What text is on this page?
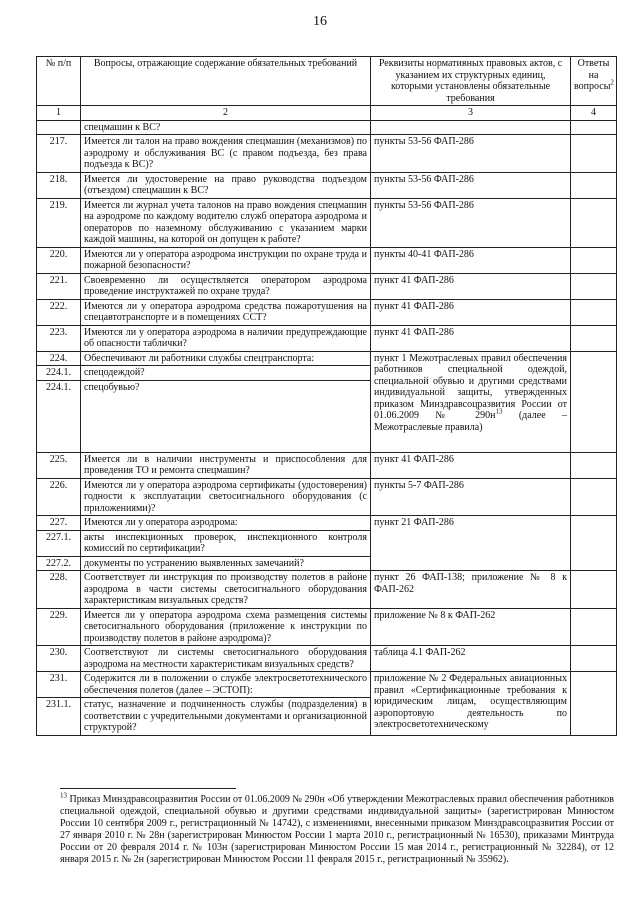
16
№ п/п	Вопросы, отражающие содержание обязательных требований	Реквизиты нормативных правовых актов, с указанием их структурных единиц, которыми установлены обязательные требования	Ответы на вопросы$^2$
1	2	3	4
	спецмашин к ВС?		
217.	Имеется ли талон на право вождения спецмашин (механизмов) по аэродрому и обслуживания ВС (с правом подъезда, без права подъезда к ВС)?	пункты 53-56 ФАП-286	
218.	Имеется ли удостоверение на право руководства подъездом (отъездом) спецмашин к ВС?	пункты 53-56 ФАП-286	
219.	Имеется ли журнал учета талонов на право вождения спецмашин на аэродроме по каждому водителю служб оператора аэродрома и операторов по наземному обслуживанию с указанием марки каждой машины, на которой он допущен к работе?	пункты 53-56 ФАП-286	
220.	Имеются ли у оператора аэродрома инструкции по охране труда и пожарной безопасности?	пункты 40-41 ФАП-286	
221.	Своевременно ли осуществляется оператором аэродрома проведение инструктажей по охране труда?	пункт 41 ФАП-286	
222.	Имеются ли у оператора аэродрома средства пожаротушения на спецавтотранспорте и в помещениях ССТ?	пункт 41 ФАП-286	
223.	Имеются ли у оператора аэродрома в наличии предупреждающие об опасности таблички?	пункт 41 ФАП-286	
224.	Обеспечивают ли работники службы спецтранспорта:	пункт 1 Межотраслевых правил обеспечения работников специальной одеждой, специальной обувью и другими средствами индивидуальной защиты, утвержденных приказом Минздравсоцразвития России от 01.06.2009 № $290н^{13}$ (далее – Межотраслевые правила)	
224.1.	спецодеждой?		
224.1.	спецобувью?		
225.	Имеется ли в наличии инструменты и приспособления для проведения ТО и ремонта спецмашин?	пункт 41 ФАП-286	
226.	Имеются ли у оператора аэродрома сертификаты (удостоверения) годности к эксплуатации светосигнального оборудования (с приложениями)?	пункты 5-7 ФАП-286	
227.	Имеются ли у оператора аэродрома:	пункт 21 ФАП-286	
227.1.	акты инспекционных проверок, инспекционного контроля комиссий по сертификации?		
227.2.	документы по устранению выявленных замечаний?		
228.	Соответствует ли инструкция по производству полетов в районе аэродрома в части системы светосигнального оборудования характеристикам визуальных средств?	пункт 26 ФАП-138; приложение № 8 к ФАП-262	
229.	Имеется ли у оператора аэродрома схема размещения системы светосигнального оборудования (приложение к инструкции по производству полетов в районе аэродрома)?	приложение № 8 к ФАП-262	
230.	Соответствуют ли системы светосигнального оборудования аэродрома на местности характеристикам визуальных средств?	таблица 4.1 ФАП-262	
231.	Содержится ли в положении о службе электросветотехнического обеспечения полетов (далее – ЭСТОП):	приложение № 2 Федеральных авиационных правил «Сертификационные требования к юридическим лицам, осуществляющим аэропортовую деятельность по электросветотехническому	
231.1.	статус, назначение и подчиненность службы (подразделения) в соответствии с учредительными документами и организационной структурой?		
$^{13}$ Приказ Минздравсоцразвития России от 01.06.2009 № 290н «Об утверждении Межотраслевых правил обеспечения работников специальной одеждой, специальной обувью и другими средствами индивидуальной защиты» (зарегистрирован Минюстом России 10 сентября 2009 г., регистрационный № 14742), с изменениями, внесенными приказом Минздравсоцразвития России от 27 января 2010 г. № 28н (зарегистрирован Минюстом России 1 марта 2010 г., регистрационный № 16530), приказами Минтруда России от 20 февраля 2014 г. № 103н (зарегистрирован Минюстом России 15 мая 2014 г., регистрационный № 32284), от 12 января 2015 г. № 2н (зарегистрирован Минюстом России 11 февраля 2015 г., регистрационный № 35962).
